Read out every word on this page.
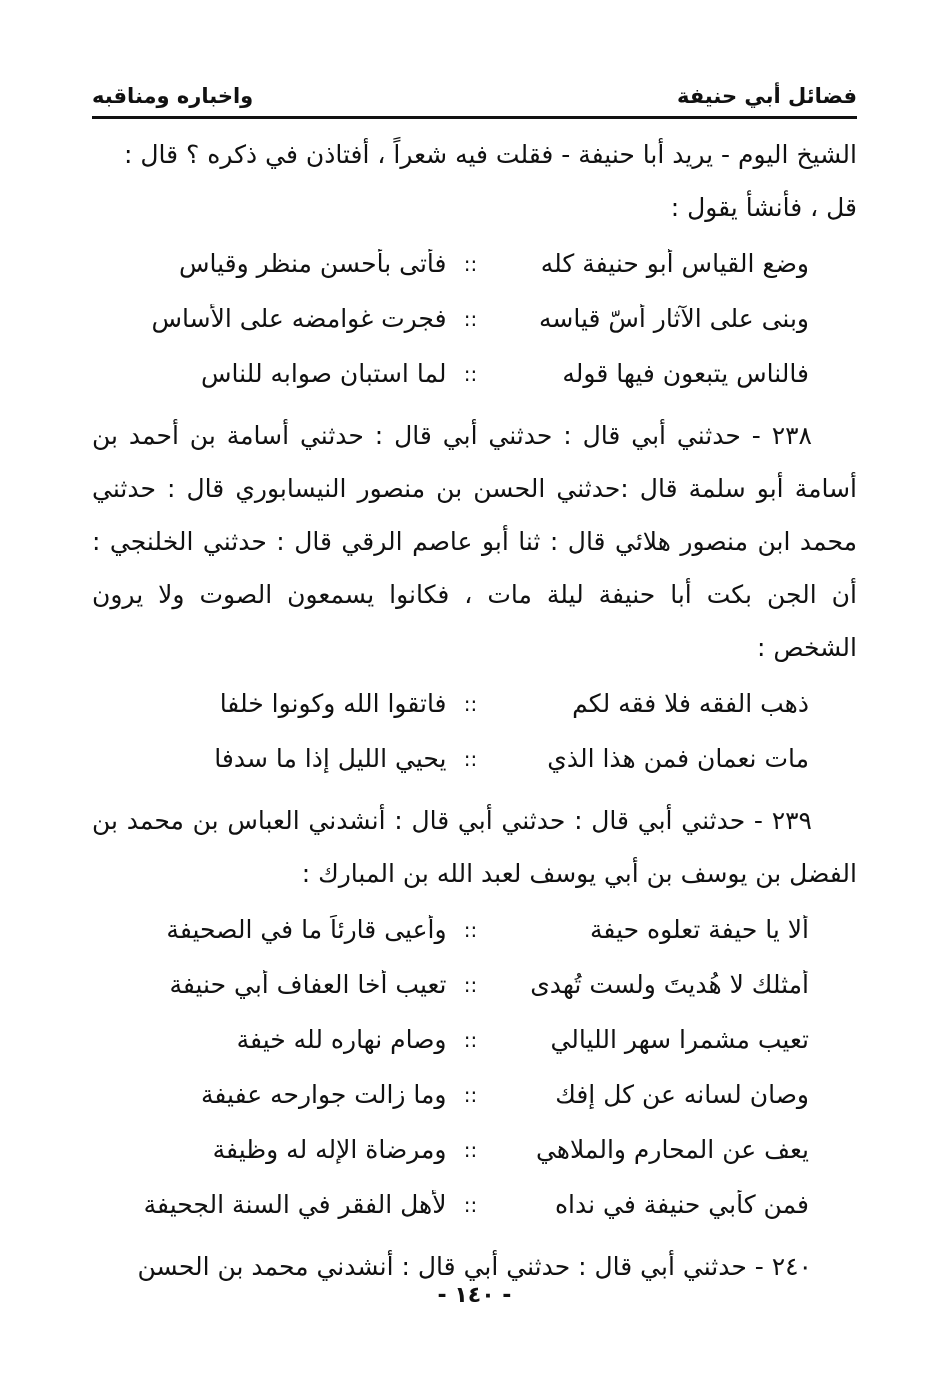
فضائل أبي حنيفة
واخباره ومناقبه

الشيخ اليوم - يريد أبا حنيفة - فقلت فيه شعراً ، أفتاذن في ذكره ؟ قال : قل ، فأنشأ يقول :

وضع القياس أبو حنيفة كله
::
فأتى بأحسن منظر وقياس
وبنى على الآثار أسّ قياسه
::
فجرت غوامضه على الأساس
فالناس يتبعون فيها قوله
::
لما استبان صوابه للناس

٢٣٨ - حدثني أبي قال : حدثني أبي قال : حدثني أسامة بن أحمد بن أسامة أبو سلمة قال :حدثني الحسن بن منصور النيسابوري قال : حدثني محمد ابن منصور هلائي قال : ثنا أبو عاصم الرقي قال : حدثني الخلنجي : أن الجن بكت أبا حنيفة ليلة مات ، فكانوا يسمعون الصوت ولا يرون الشخص :

ذهب الفقه فلا فقه لكم
::
فاتقوا الله وكونوا خلفا
مات نعمان فمن هذا الذي
::
يحيي الليل إذا ما سدفا

٢٣٩ - حدثني أبي قال : حدثني أبي قال : أنشدني العباس بن محمد بن الفضل بن يوسف بن أبي يوسف لعبد الله بن المبارك :

ألا يا حيفة تعلوه حيفة
::
وأعيى قارئاً ما في الصحيفة
أمثلك لا هُديتَ ولست تُهدى
::
تعيب أخا العفاف أبي حنيفة
تعيب مشمرا سهر الليالي
::
وصام نهاره لله خيفة
وصان لسانه عن كل إفك
::
وما زالت جوارحه عفيفة
يعف عن المحارم والملاهي
::
ومرضاة الإله له وظيفة
فمن كأبي حنيفة في نداه
::
لأهل الفقر في السنة الجحيفة

٢٤٠ - حدثني أبي قال : حدثني أبي قال : أنشدني محمد بن الحسن

- ١٤٠ -
